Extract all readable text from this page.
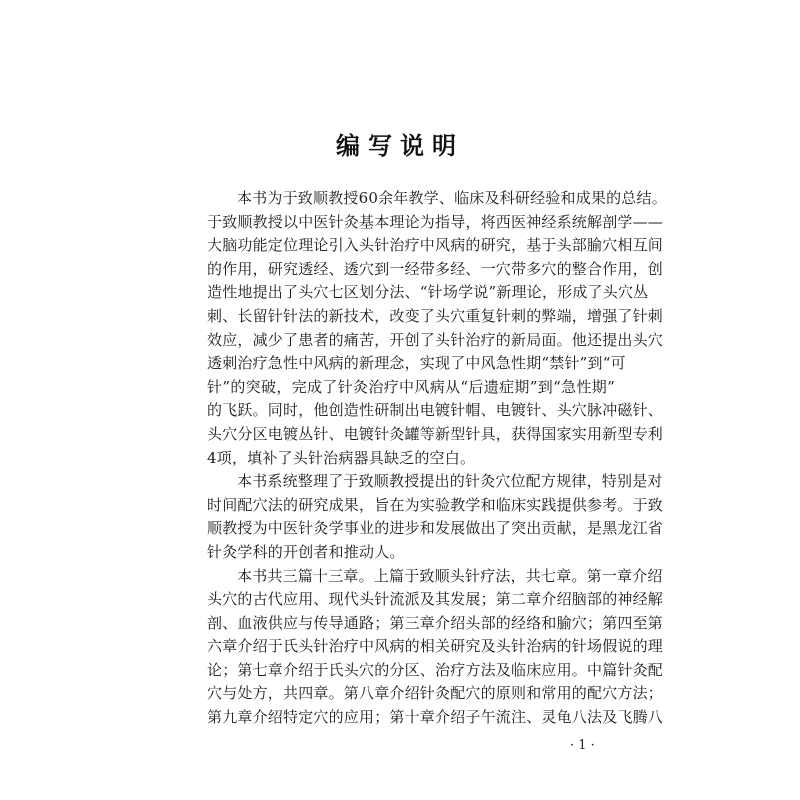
编写说明
本书为于致顺教授60余年教学、临床及科研经验和成果的总结。
于致顺教授以中医针灸基本理论为指导，将西医神经系统解剖学——
大脑功能定位理论引入头针治疗中风病的研究，基于头部腧穴相互间
的作用，研究透经、透穴到一经带多经、一穴带多穴的整合作用，创
造性地提出了头穴七区划分法、“针场学说”新理论，形成了头穴丛
刺、长留针针法的新技术，改变了头穴重复针刺的弊端，增强了针刺
效应，减少了患者的痛苦，开创了头针治疗的新局面。他还提出头穴
透刺治疗急性中风病的新理念，实现了中风急性期“禁针”到“可
针”的突破，完成了针灸治疗中风病从“后遗症期”到“急性期”
的飞跃。同时，他创造性研制出电镀针帽、电镀针、头穴脉冲磁针、
头穴分区电镀丛针、电镀针灸罐等新型针具，获得国家实用新型专利
4项，填补了头针治病器具缺乏的空白。
本书系统整理了于致顺教授提出的针灸穴位配方规律，特别是对
时间配穴法的研究成果，旨在为实验教学和临床实践提供参考。于致
顺教授为中医针灸学事业的进步和发展做出了突出贡献，是黑龙江省
针灸学科的开创者和推动人。
本书共三篇十三章。上篇于致顺头针疗法，共七章。第一章介绍
头穴的古代应用、现代头针流派及其发展；第二章介绍脑部的神经解
剖、血液供应与传导通路；第三章介绍头部的经络和腧穴；第四至第
六章介绍于氏头针治疗中风病的相关研究及头针治病的针场假说的理
论；第七章介绍于氏头穴的分区、治疗方法及临床应用。中篇针灸配
穴与处方，共四章。第八章介绍针灸配穴的原则和常用的配穴方法；
第九章介绍特定穴的应用；第十章介绍子午流注、灵龟八法及飞腾八
· 1 ·
